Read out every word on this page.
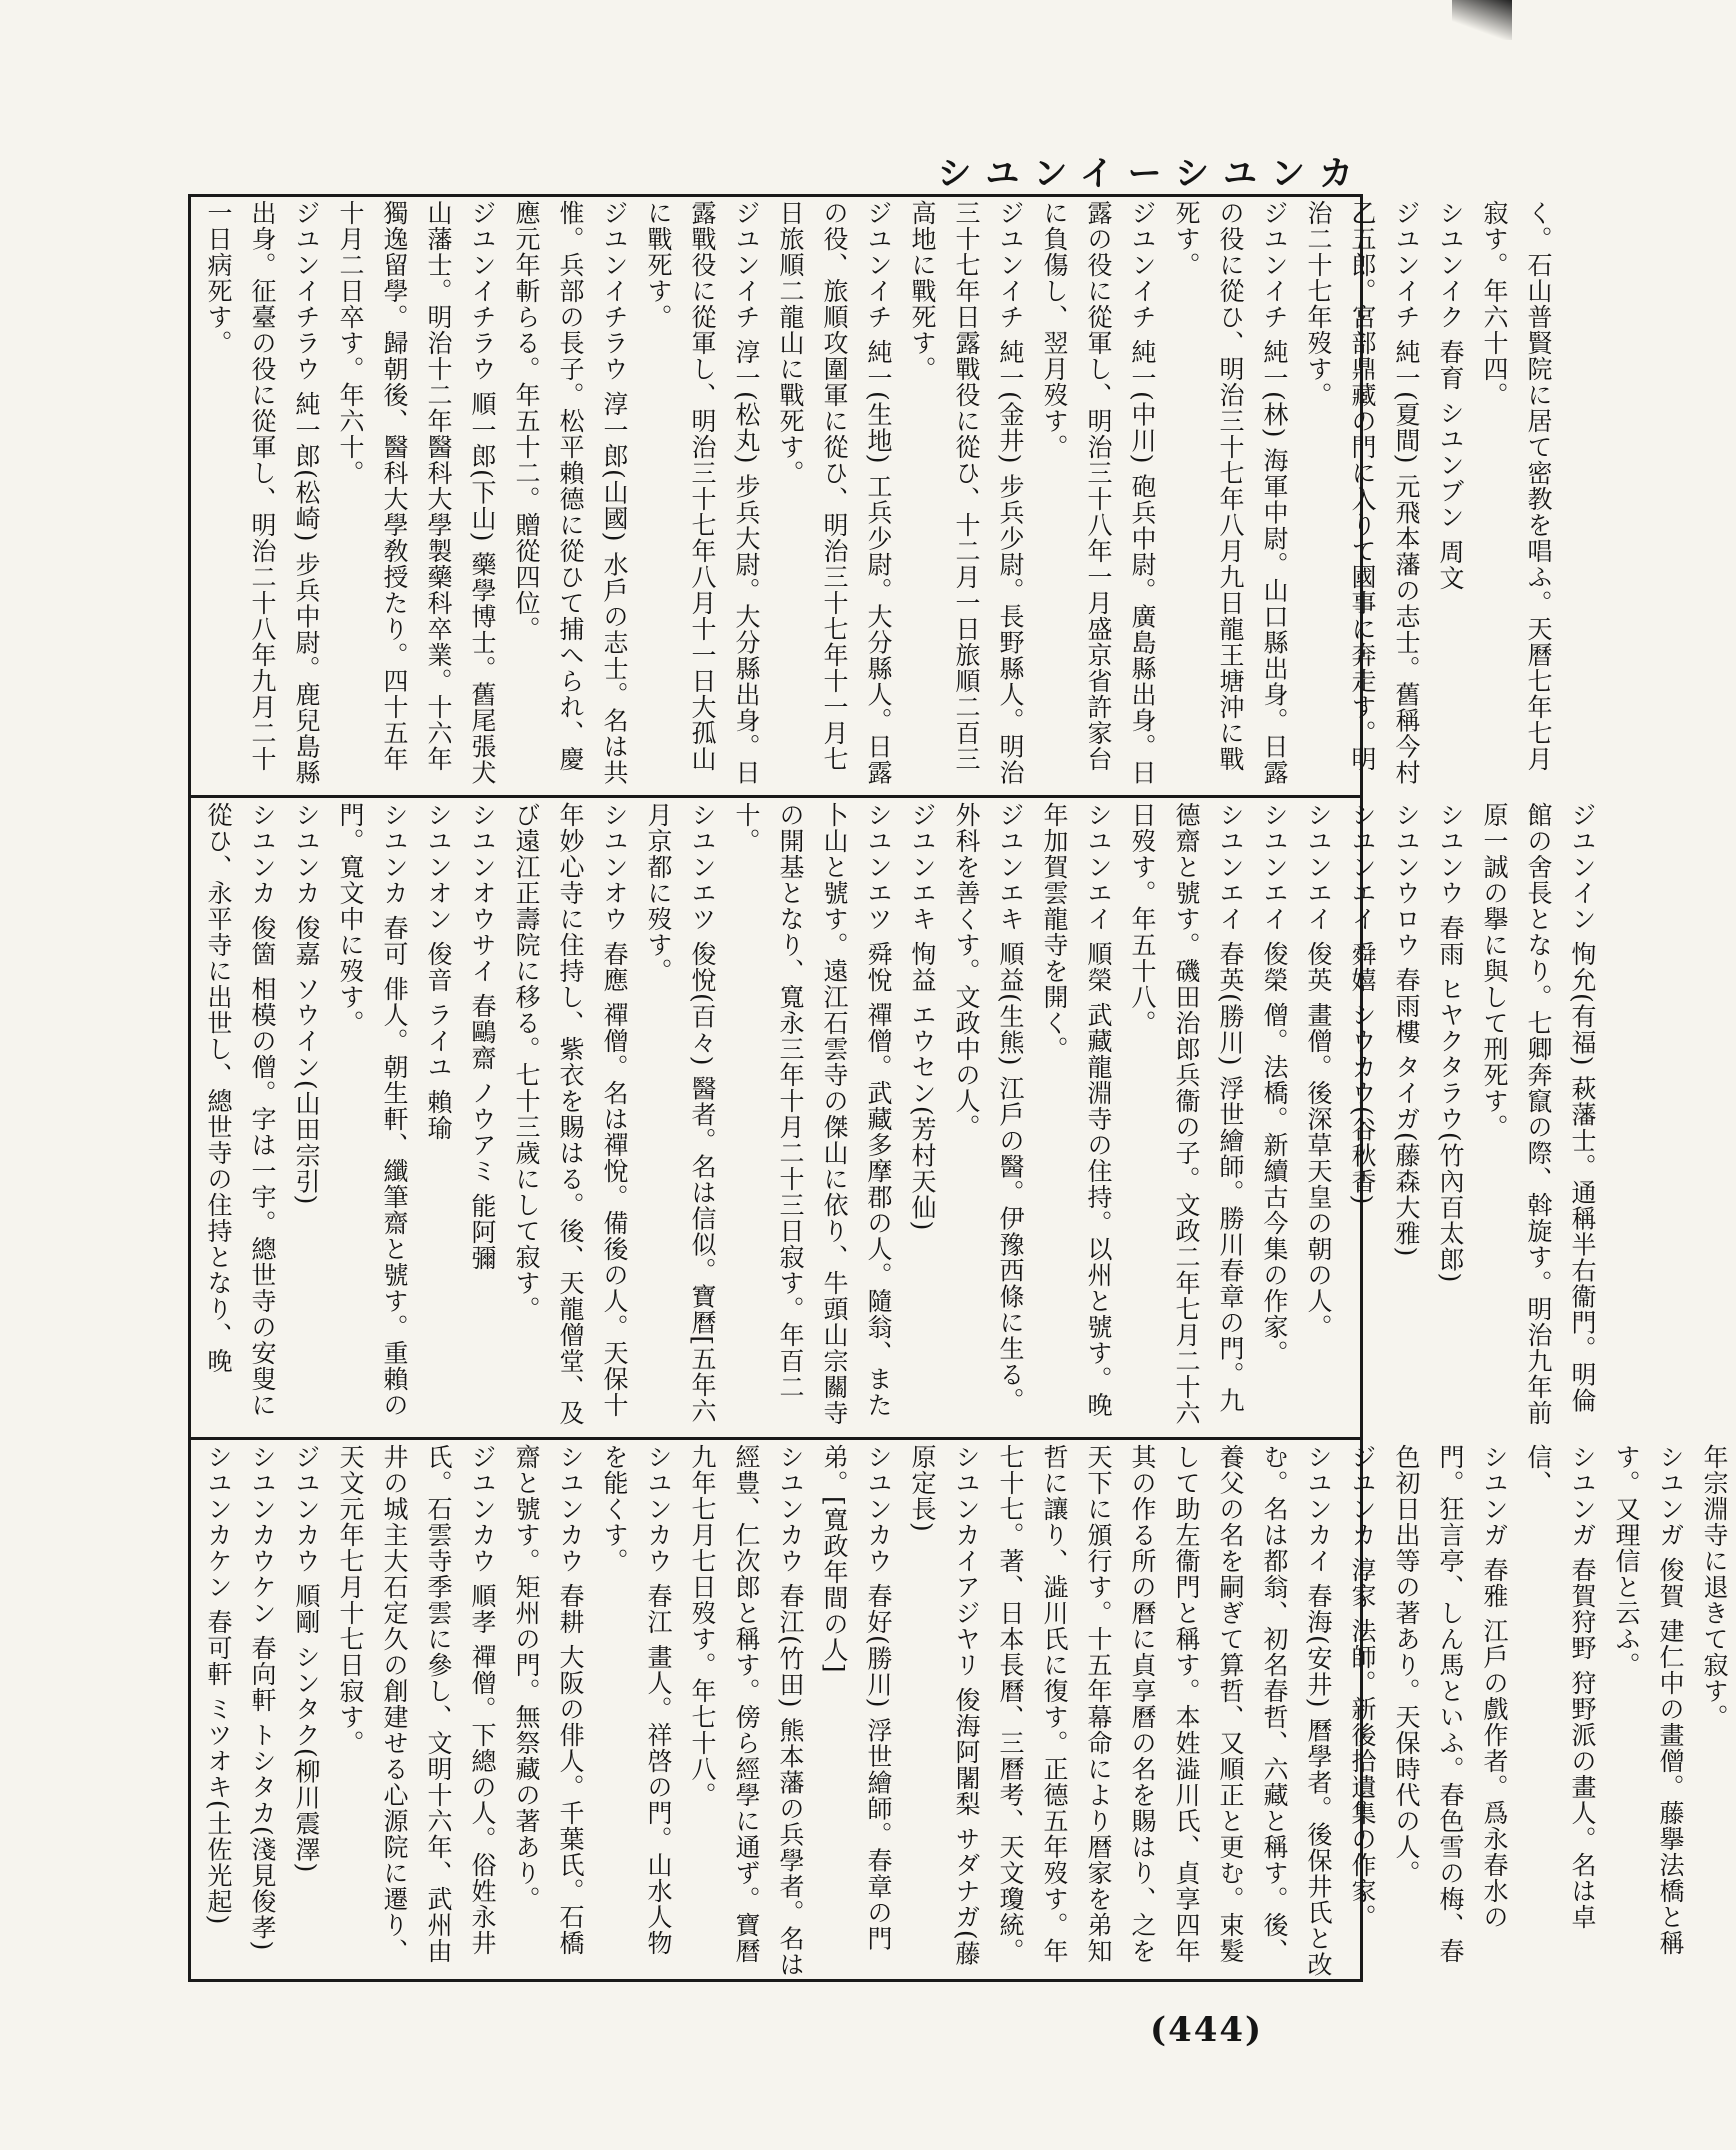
シユンイーシユンカ
く。石山普賢院に居て密教を唱ふ。天曆七年七月寂す。年六十四。
シユンイク 春育 シユンブン 周文
ジユンイチ 純一(夏間) 元飛本藩の志士。舊稱今村乙五郎。宮部鼎藏の門に入りて國事に奔走す。明治二十七年歿す。
ジユンイチ 純一(林) 海軍中尉。山口縣出身。日露の役に從ひ、明治三十七年八月九日龍王塘沖に戰死す。
ジユンイチ 純一(中川) 砲兵中尉。廣島縣出身。日露の役に從軍し、明治三十八年一月盛京省許家台に負傷し、翌月歿す。
ジユンイチ 純一(金井) 步兵少尉。長野縣人。明治三十七年日露戰役に從ひ、十二月一日旅順二百三高地に戰死す。
ジユンイチ 純一(生地) 工兵少尉。大分縣人。日露の役、旅順攻圍軍に從ひ、明治三十七年十一月七日旅順二龍山に戰死す。
ジユンイチ 淳一(松丸) 步兵大尉。大分縣出身。日露戰役に從軍し、明治三十七年八月十一日大孤山に戰死す。
ジユンイチラウ 淳一郎(山國) 水戶の志士。名は共惟。兵部の長子。松平賴德に從ひて捕へられ、慶應元年斬らる。年五十二。贈從四位。
ジユンイチラウ 順一郎(下山) 藥學博士。舊尾張犬山藩士。明治十二年醫科大學製藥科卒業。十六年獨逸留學。歸朝後、醫科大學敎授たり。四十五年十月二日卒す。年六十。
ジユンイチラウ 純一郎(松崎) 步兵中尉。鹿兒島縣出身。征臺の役に從軍し、明治二十八年九月二十一日病死す。
ジユンイン 恂允(有福) 萩藩士。通稱半右衞門。明倫館の舍長となり。七卿奔竄の際、斡旋す。明治九年前原一誠の擧に與して刑死す。
シユンウ 春雨 ヒヤクタラウ(竹內百太郎)
シユンウロウ 春雨樓 タイガ(藤森大雅)
シユンエイ 舜嬉 シウカウ(谷秋香)
シユンエイ 俊英 畫僧。後深草天皇の朝の人。
シユンエイ 俊榮 僧。法橋。新續古今集の作家。
シユンエイ 春英(勝川) 浮世繪師。勝川春章の門。九德齋と號す。磯田治郎兵衞の子。文政二年七月二十六日歿す。年五十八。
シユンエイ 順榮 武藏龍淵寺の住持。以州と號す。晚年加賀雲龍寺を開く。
ジユンエキ 順益(生熊) 江戶の醫。伊豫西條に生る。外科を善くす。文政中の人。
ジユンエキ 恂益 エウセン(芳村天仙)
シユンエツ 舜悅 禪僧。武藏多摩郡の人。隨翁、また卜山と號す。遠江石雲寺の傑山に依り、牛頭山宗關寺の開基となり、寬永三年十月二十三日寂す。年百二十。
シユンエツ 俊悅(百々) 醫者。名は信似。寶曆[五年六月京都に歿す。
シユンオウ 春應 禪僧。名は禪悅。備後の人。天保十年妙心寺に住持し、紫衣を賜はる。後、天龍僧堂、及び遠江正壽院に移る。七十三歲にして寂す。
シユンオウサイ 春鷗齋 ノウアミ 能阿彌
シユンオン 俊音 ライユ 賴瑜
シユンカ 春可 俳人。朝生軒、纖筆齋と號す。重賴の門。寬文中に歿す。
シユンカ 俊嘉 ソウイン(山田宗引)
シユンカ 俊箇 相模の僧。字は一宇。總世寺の安叟に從ひ、永平寺に出世し、總世寺の住持となり、晚
年宗淵寺に退きて寂す。
シユンガ 俊賀 建仁中の畫僧。藤擧法橋と稱す。又理信と云ふ。
シユンガ 春賀狩野 狩野派の畫人。名は卓信、
シユンガ 春雅 江戶の戲作者。爲永春水の門。狂言亭、しん馬といふ。春色雪の梅、春色初日出等の著あり。天保時代の人。
ジユンカ 淳家 法師。新後拾遺集の作家。
シユンカイ 春海(安井) 曆學者。後保井氏と改む。名は都翁、初名春哲、六藏と稱す。後、養父の名を嗣ぎて算哲、又順正と更む。束髮して助左衞門と稱す。本姓澁川氏、貞享四年其の作る所の曆に貞享曆の名を賜はり、之を天下に頒行す。十五年幕命により暦家を弟知哲に讓り、澁川氏に復す。正德五年歿す。年七十七。著、日本長曆、三曆考、天文瓊統。
シユンカイアジヤリ 俊海阿闍梨 サダナガ(藤原定長)
シユンカウ 春好(勝川) 浮世繪師。春章の門弟。[寬政年間の人]
シユンカウ 春江(竹田) 熊本藩の兵學者。名は經豊、仁次郎と稱す。傍ら經學に通ず。寶曆九年七月七日歿す。年七十八。
シユンカウ 春江 畫人。祥啓の門。山水人物を能くす。
シユンカウ 春耕 大阪の俳人。千葉氏。石橋齋と號す。矩州の門。無祭藏の著あり。
ジユンカウ 順孝 禪僧。下總の人。俗姓永井氏。石雲寺季雲に參し、文明十六年、武州由井の城主大石定久の創建せる心源院に遷り、天文元年七月十七日寂す。
ジユンカウ 順剛 シンタク(柳川震澤)
シユンカウケン 春向軒 トシタカ(淺見俊孝)
シユンカケン 春可軒 ミツオキ(土佐光起)
(444)
